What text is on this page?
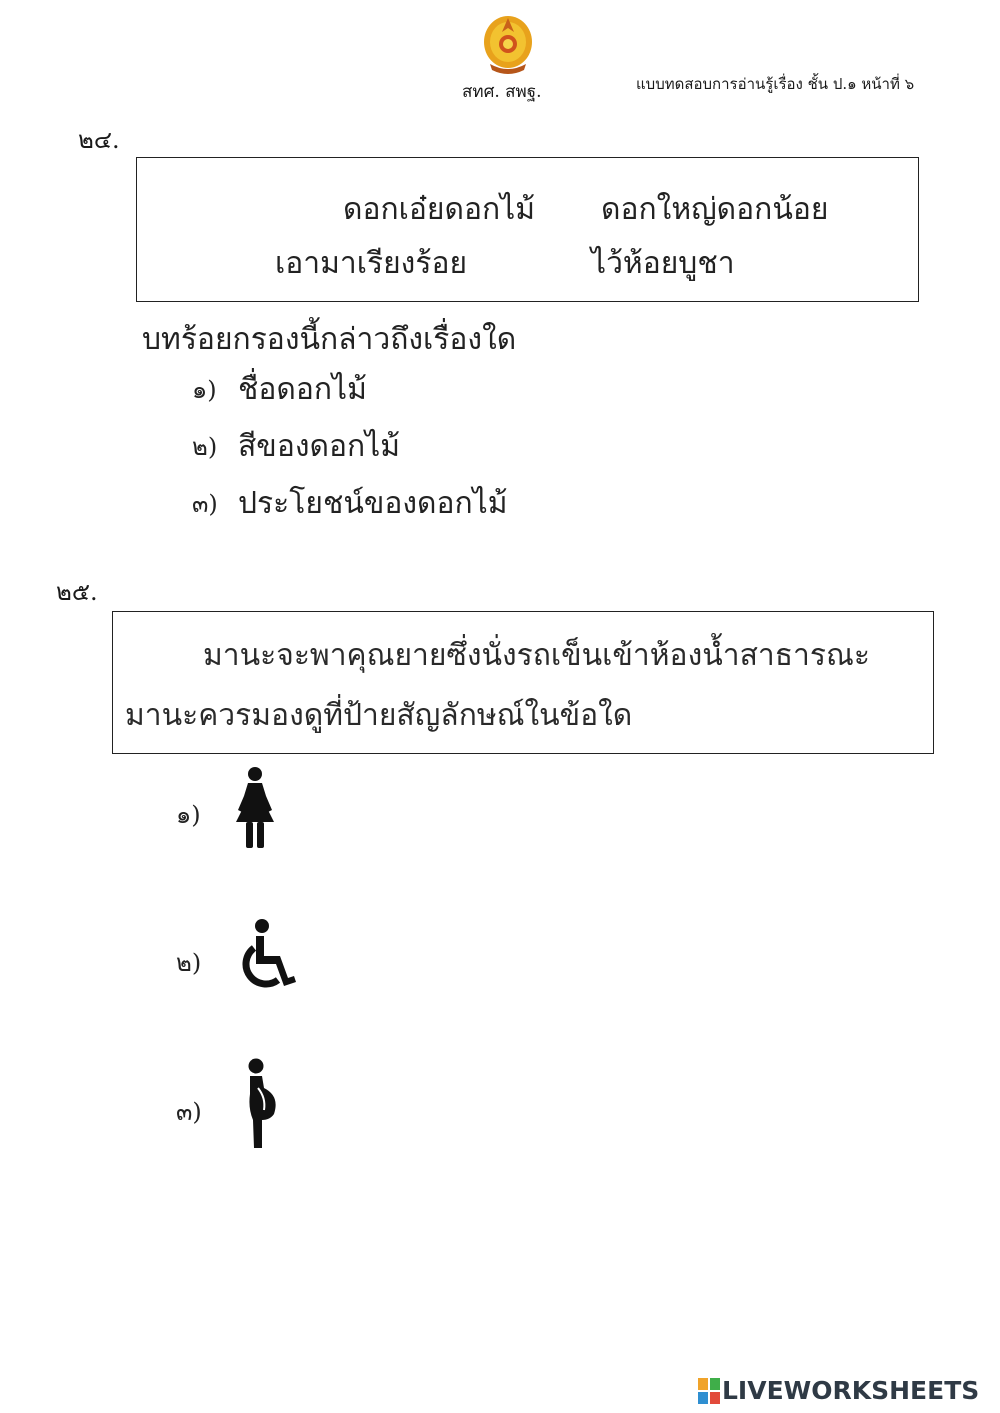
สทศ. สพฐ.	แบบทดสอบการอ่านรู้เรื่อง ชั้น ป.๑ หน้าที่ ๖
๒๔.
ดอกเอ๋ยดอกไม้ ดอกใหญ่ดอกน้อย
เอามาเรียงร้อย	ไว้ห้อยบูชา
บทร้อยกรองนี้กล่าวถึงเรื่องใด
๑) ชื่อดอกไม้
๒) สีของดอกไม้
๓) ประโยชน์ของดอกไม้
๒๕.
มานะจะพาคุณยายซึ่งนั่งรถเข็นเข้าห้องน้ำสาธารณะ
มานะควรมองดูที่ป้ายสัญลักษณ์ในข้อใด
๑)
๒)
๓)
LIVEWORKSHEETS
